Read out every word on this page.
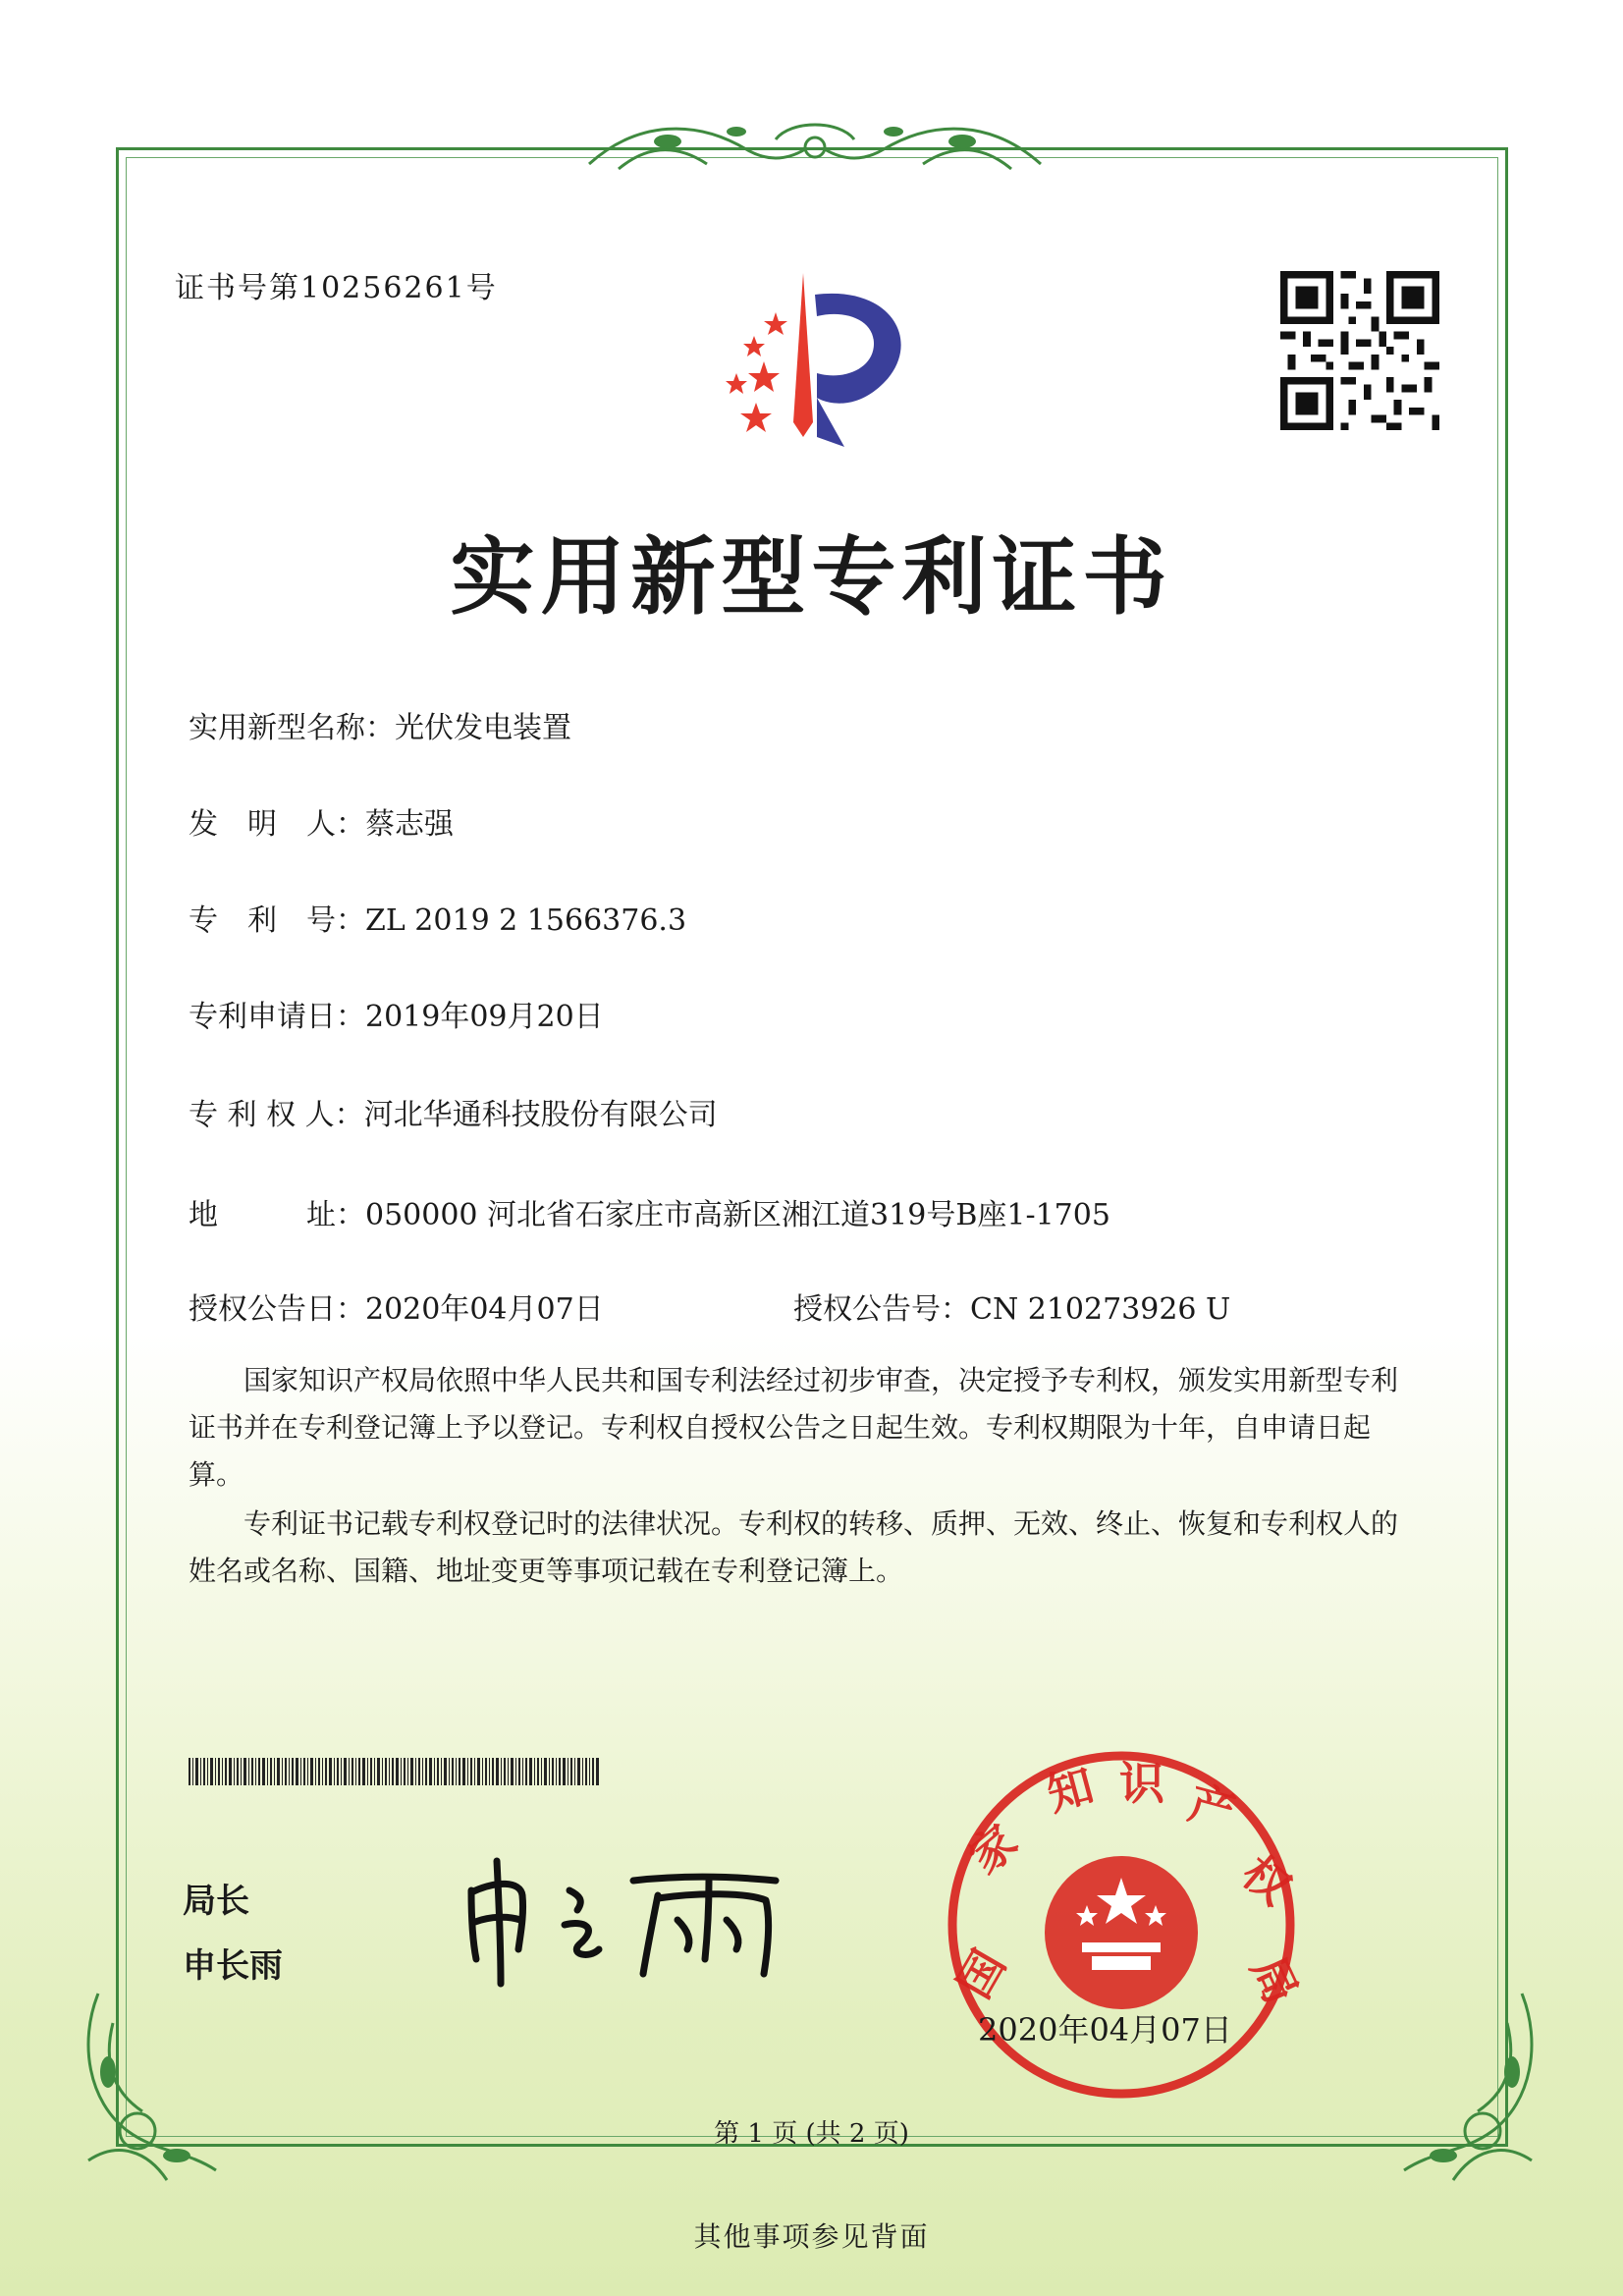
证书号第10256261号
实用新型专利证书
实用新型名称：光伏发电装置
发　明　人：蔡志强
专　利　号：ZL 2019 2 1566376.3
专利申请日：2019年09月20日
专 利 权 人：河北华通科技股份有限公司
地　　　址：050000 河北省石家庄市高新区湘江道319号B座1-1705
授权公告日：2020年04月07日	授权公告号：CN 210273926 U
国家知识产权局依照中华人民共和国专利法经过初步审查，决定授予专利权，颁发实用新型专利证书并在专利登记簿上予以登记。专利权自授权公告之日起生效。专利权期限为十年，自申请日起算。
专利证书记载专利权登记时的法律状况。专利权的转移、质押、无效、终止、恢复和专利权人的姓名或名称、国籍、地址变更等事项记载在专利登记簿上。
局长
申长雨	国
家
知 识 产
权
局
2020年04月07日
第 1 页 (共 2 页)
其他事项参见背面
